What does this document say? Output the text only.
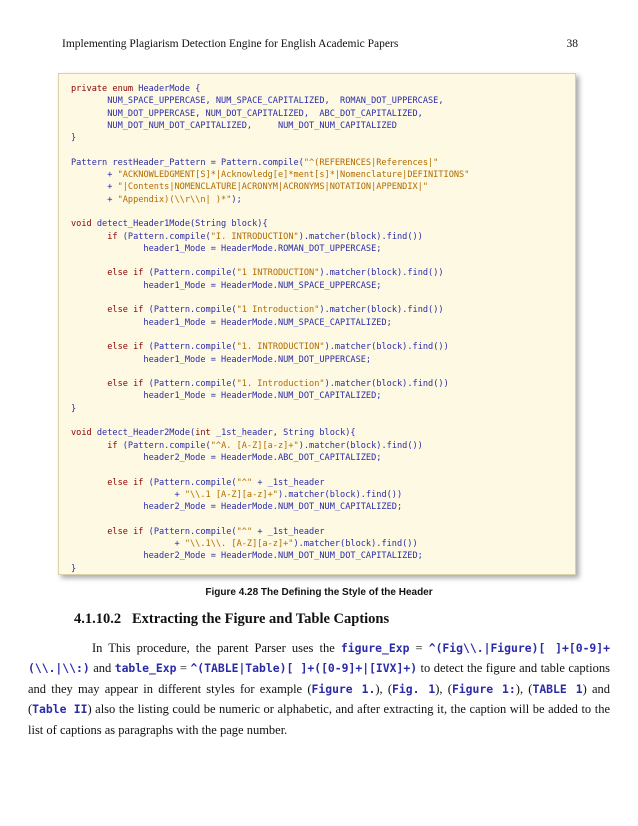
Implementing Plagiarism Detection Engine for English Academic Papers	38
private enum HeaderMode {
NUM_SPACE_UPPERCASE, NUM_SPACE_CAPITALIZED,  ROMAN_DOT_UPPERCASE,
NUM_DOT_UPPERCASE, NUM_DOT_CAPITALIZED,  ABC_DOT_CAPITALIZED,
NUM_DOT_NUM_DOT_CAPITALIZED,     NUM_DOT_NUM_CAPITALIZED
}

Pattern restHeader_Pattern = Pattern.compile("^(REFERENCES|References|"
+ "ACKNOWLEDGMENT[S]*|Acknowledg[e]*ment[s]*|Nomenclature|DEFINITIONS"
+ "|Contents|NOMENCLATURE|ACRONYM|ACRONYMS|NOTATION|APPENDIX|"
+ "Appendix)(\\r\\n| )*");

void detect_Header1Mode(String block){
if (Pattern.compile("I. INTRODUCTION").matcher(block).find())
header1_Mode = HeaderMode.ROMAN_DOT_UPPERCASE;

else if (Pattern.compile("1 INTRODUCTION").matcher(block).find())
header1_Mode = HeaderMode.NUM_SPACE_UPPERCASE;

else if (Pattern.compile("1 Introduction").matcher(block).find())
header1_Mode = HeaderMode.NUM_SPACE_CAPITALIZED;

else if (Pattern.compile("1. INTRODUCTION").matcher(block).find())
header1_Mode = HeaderMode.NUM_DOT_UPPERCASE;

else if (Pattern.compile("1. Introduction").matcher(block).find())
header1_Mode = HeaderMode.NUM_DOT_CAPITALIZED;
}

void detect_Header2Mode(int _1st_header, String block){
if (Pattern.compile("^A. [A-Z][a-z]+").matcher(block).find())
header2_Mode = HeaderMode.ABC_DOT_CAPITALIZED;

else if (Pattern.compile("^" + _1st_header
+ "\\.1 [A-Z][a-z]+").matcher(block).find())
header2_Mode = HeaderMode.NUM_DOT_NUM_CAPITALIZED;

else if (Pattern.compile("^" + _1st_header
+ "\\.1\\. [A-Z][a-z]+").matcher(block).find())
header2_Mode = HeaderMode.NUM_DOT_NUM_DOT_CAPITALIZED;
}
Figure 4.28 The Defining the Style of the Header
4.1.10.2 Extracting the Figure and Table Captions
In This procedure, the parent Parser uses the figure_Exp = ^(Fig\\.|Figure)[ ]+[0-9]+(\\.|\\:) and table_Exp = ^(TABLE|Table)[ ]+([0-9]+|[IVX]+) to detect the figure and table captions and they may appear in different styles for example (Figure 1.), (Fig. 1), (Figure 1:), (TABLE 1) and (Table II) also the listing could be numeric or alphabetic, and after extracting it, the caption will be added to the list of captions as paragraphs with the page number.
